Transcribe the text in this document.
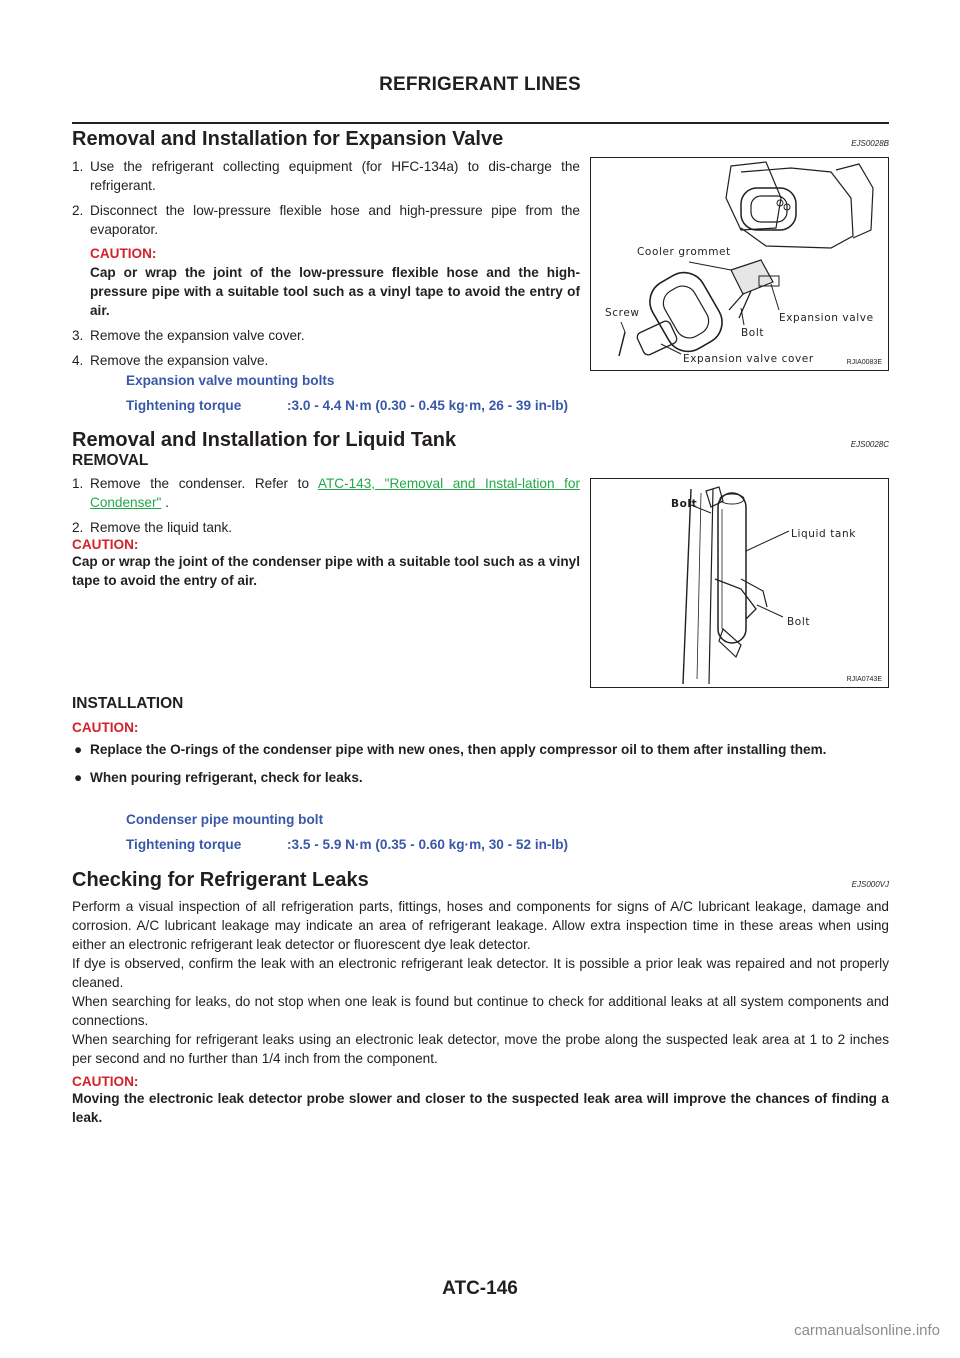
REFRIGERANT LINES
Removal and Installation for Expansion Valve	EJS0028B
1. Use the refrigerant collecting equipment (for HFC-134a) to dis-charge the refrigerant.
2. Disconnect the low-pressure flexible hose and high-pressure pipe from the evaporator.
CAUTION:
Cap or wrap the joint of the low-pressure flexible hose and the high-pressure pipe with a suitable tool such as a vinyl tape to avoid the entry of air.
3. Remove the expansion valve cover.
4. Remove the expansion valve.
Cooler grommet
Screw	Expansion valve
Bolt
Expansion valve cover	RJIA0083E
Expansion valve mounting bolts
Tightening torque	:3.0 - 4.4 N·m (0.30 - 0.45 kg·m, 26 - 39 in-lb)
Removal and Installation for Liquid Tank	EJS0028C
REMOVAL
1. Remove the condenser. Refer to ATC-143, "Removal and Instal-lation for Condenser" .
2. Remove the liquid tank.
CAUTION:
Cap or wrap the joint of the condenser pipe with a suitable tool such as a vinyl tape to avoid the entry of air.
Bolt
Liquid tank
Bolt
RJIA0743E
INSTALLATION
CAUTION:
● Replace the O-rings of the condenser pipe with new ones, then apply compressor oil to them after installing them.
● When pouring refrigerant, check for leaks.
Condenser pipe mounting bolt
Tightening torque	:3.5 - 5.9 N·m (0.35 - 0.60 kg·m, 30 - 52 in-lb)
Checking for Refrigerant Leaks	EJS000VJ

Perform a visual inspection of all refrigeration parts, fittings, hoses and components for signs of A/C lubricant leakage, damage and corrosion. A/C lubricant leakage may indicate an area of refrigerant leakage. Allow extra inspection time in these areas when using either an electronic refrigerant leak detector or fluorescent dye leak detector.

If dye is observed, confirm the leak with an electronic refrigerant leak detector. It is possible a prior leak was repaired and not properly cleaned.

When searching for leaks, do not stop when one leak is found but continue to check for additional leaks at all system components and connections.

When searching for refrigerant leaks using an electronic leak detector, move the probe along the suspected leak area at 1 to 2 inches per second and no further than 1/4 inch from the component.

CAUTION:
Moving the electronic leak detector probe slower and closer to the suspected leak area will improve the chances of finding a leak.
ATC-146
carmanualsonline.info
